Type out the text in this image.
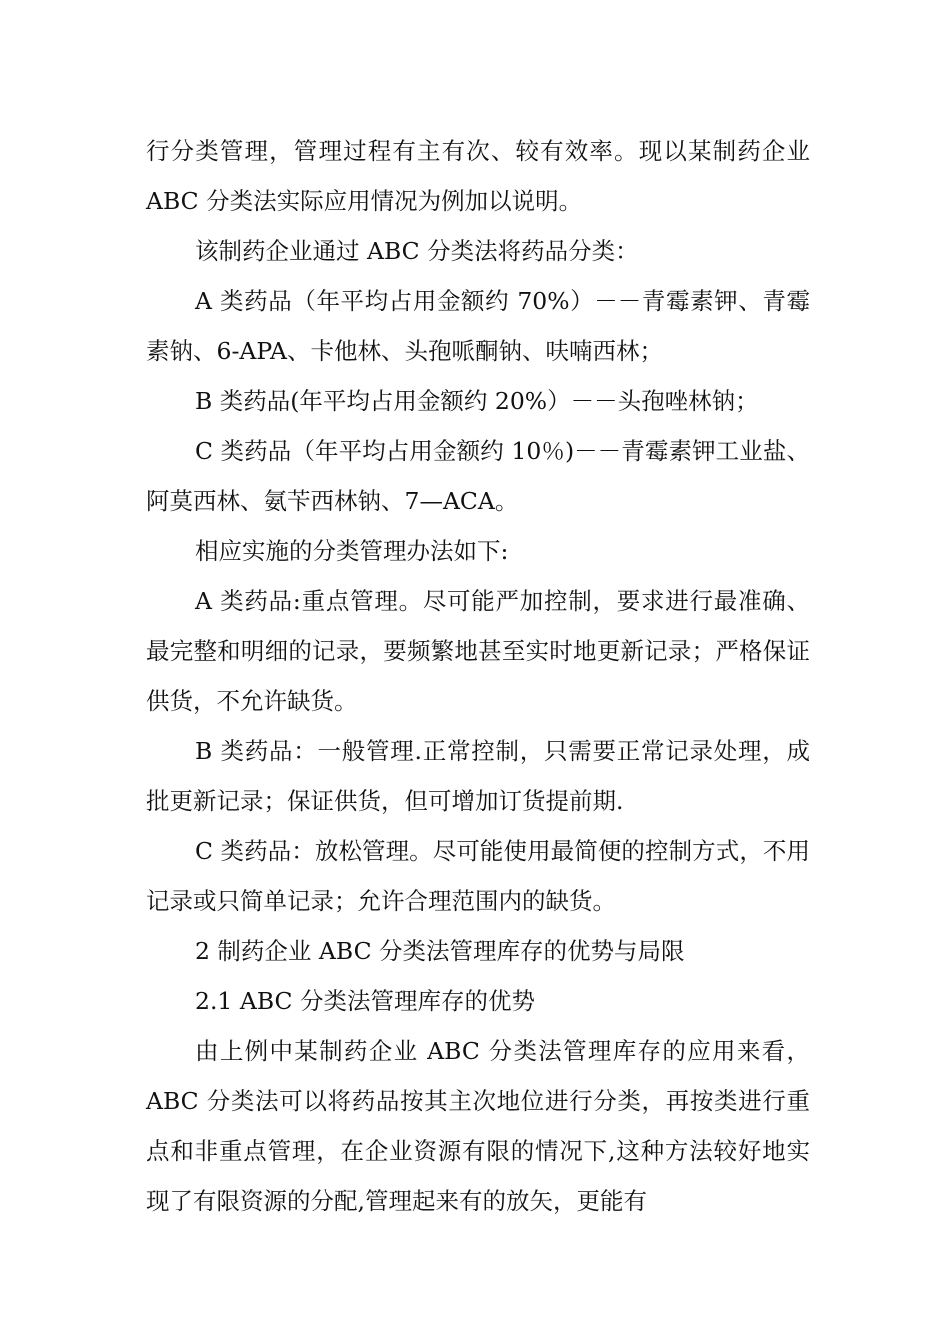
行分类管理，管理过程有主有次、较有效率。现以某制药企业 ABC 分类法实际应用情况为例加以说明。

该制药企业通过 ABC 分类法将药品分类：

A 类药品（年平均占用金额约 70%）－－青霉素钾、青霉素钠、6-APA、卡他林、头孢哌酮钠、呋喃西林；

B 类药品(年平均占用金额约 20%）－－头孢唑林钠；

C 类药品（年平均占用金额约 10％)－－青霉素钾工业盐、阿莫西林、氨苄西林钠、7—ACA。

相应实施的分类管理办法如下:

A 类药品:重点管理。尽可能严加控制，要求进行最准确、最完整和明细的记录，要频繁地甚至实时地更新记录；严格保证供货，不允许缺货。

B 类药品：一般管理.正常控制，只需要正常记录处理，成批更新记录；保证供货，但可增加订货提前期.

C 类药品：放松管理。尽可能使用最简便的控制方式，不用记录或只简单记录；允许合理范围内的缺货。

2 制药企业 ABC 分类法管理库存的优势与局限

2.1 ABC 分类法管理库存的优势

由上例中某制药企业 ABC 分类法管理库存的应用来看，ABC 分类法可以将药品按其主次地位进行分类，再按类进行重点和非重点管理，在企业资源有限的情况下,这种方法较好地实现了有限资源的分配,管理起来有的放矢，更能有
